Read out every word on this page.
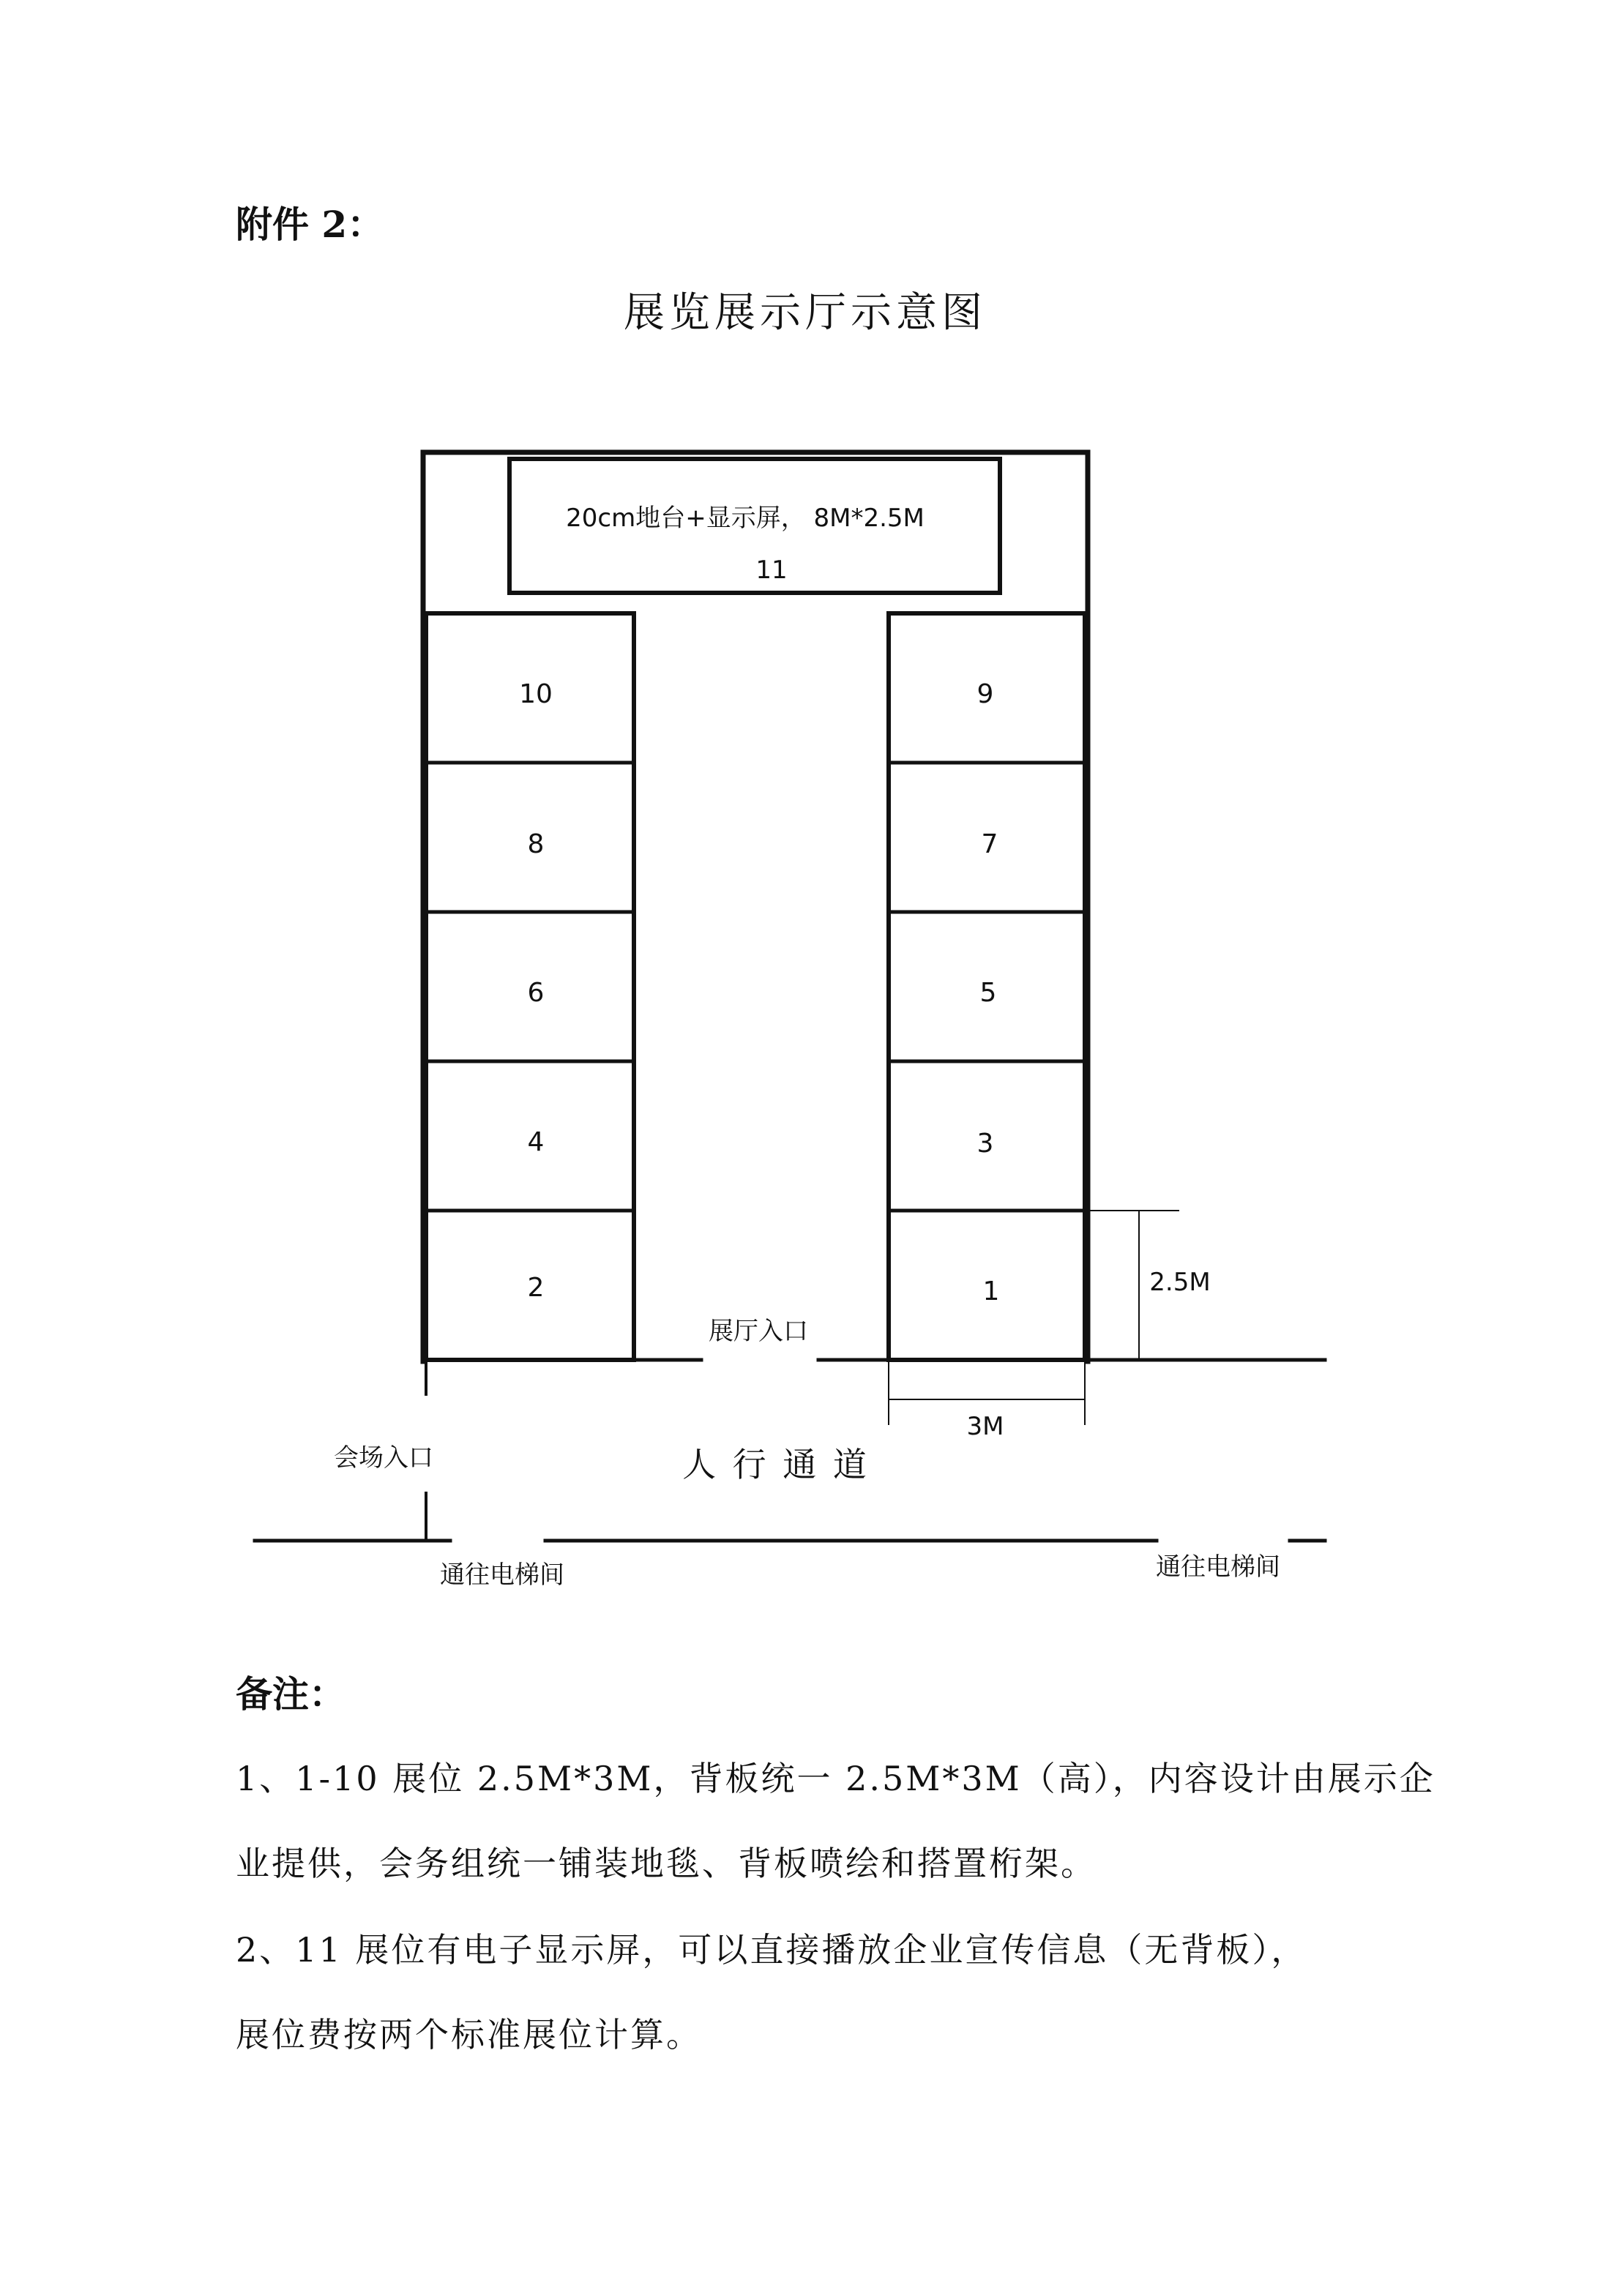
附件 2：
展览展示厅示意图
20cm地台+显示屏， 8M*2.5M
11
10
8
6
4
2
9
7
5
3
1
展厅入口
2.5M
3M
会场入口	人 行 通 道
通往电梯间	通往电梯间
备注：
1、1-10 展位 2.5M*3M，背板统一 2.5M*3M（高），内容设计由展示企
业提供，会务组统一铺装地毯、背板喷绘和搭置桁架。
2、11 展位有电子显示屏，可以直接播放企业宣传信息（无背板），
展位费按两个标准展位计算。
